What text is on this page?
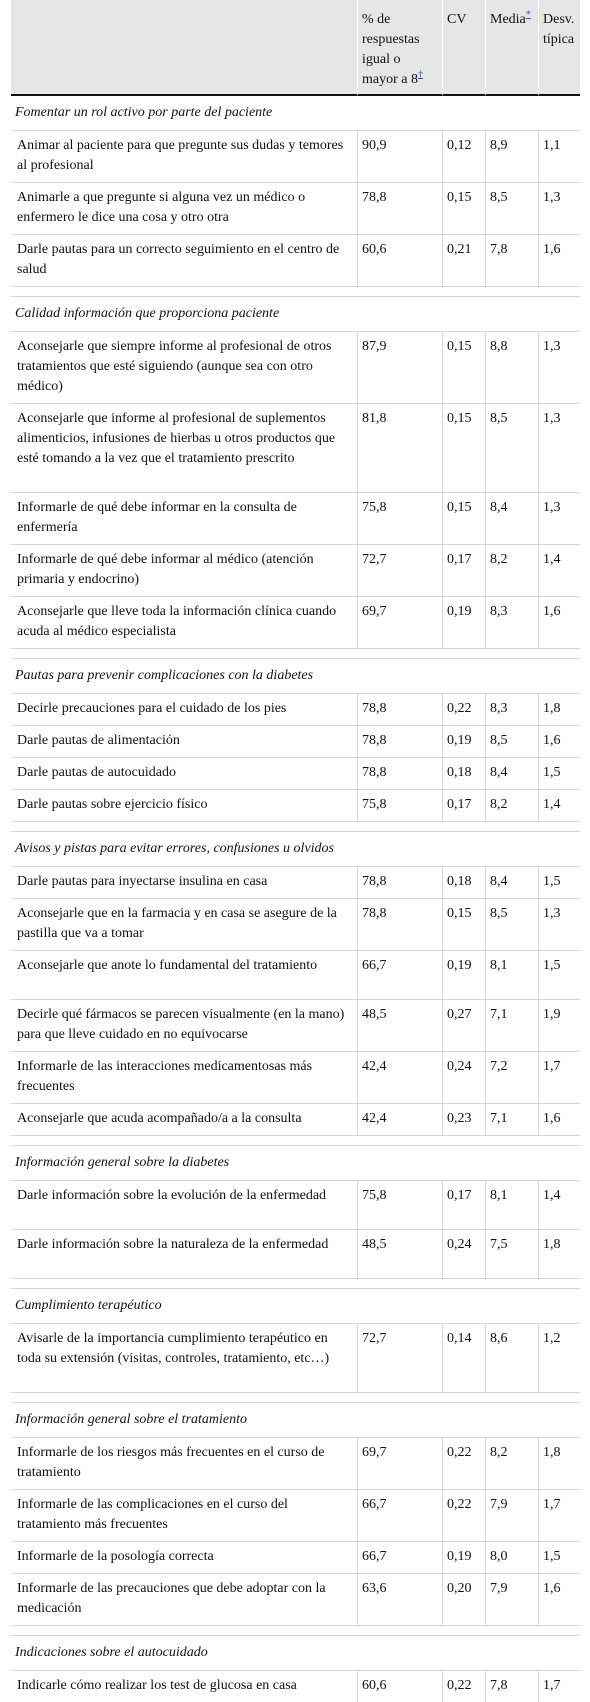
	% de respuestas igual o mayor a 8†	CV	Media*	Desv. típica
Fomentar un rol activo por parte del paciente				
Animar al paciente para que pregunte sus dudas y temores al profesional	90,9	0,12	8,9	1,1
Animarle a que pregunte si alguna vez un médico o enfermero le dice una cosa y otro otra	78,8	0,15	8,5	1,3
Darle pautas para un correcto seguimiento en el centro de salud	60,6	0,21	7,8	1,6

Calidad información que proporciona paciente				
Aconsejarle que siempre informe al profesional de otros tratamientos que esté siguiendo (aunque sea con otro médico)	87,9	0,15	8,8	1,3
Aconsejarle que informe al profesional de suplementos alimenticios, infusiones de hierbas u otros productos que esté tomando a la vez que el tratamiento prescrito	81,8	0,15	8,5	1,3
Informarle de qué debe informar en la consulta de enfermería	75,8	0,15	8,4	1,3
Informarle de qué debe informar al médico (atención primaria y endocrino)	72,7	0,17	8,2	1,4
Aconsejarle que lleve toda la información clínica cuando acuda al médico especialista	69,7	0,19	8,3	1,6

Pautas para prevenir complicaciones con la diabetes				
Decirle precauciones para el cuidado de los pies	78,8	0,22	8,3	1,8
Darle pautas de alimentación	78,8	0,19	8,5	1,6
Darle pautas de autocuidado	78,8	0,18	8,4	1,5
Darle pautas sobre ejercicio físico	75,8	0,17	8,2	1,4

Avisos y pistas para evitar errores, confusiones u olvidos				
Darle pautas para inyectarse insulina en casa	78,8	0,18	8,4	1,5
Aconsejarle que en la farmacia y en casa se asegure de la pastilla que va a tomar	78,8	0,15	8,5	1,3
Aconsejarle que anote lo fundamental del tratamiento	66,7	0,19	8,1	1,5
Decirle qué fármacos se parecen visualmente (en la mano) para que lleve cuidado en no equivocarse	48,5	0,27	7,1	1,9
Informarle de las interacciones medicamentosas más frecuentes	42,4	0,24	7,2	1,7
Aconsejarle que acuda acompañado/a a la consulta	42,4	0,23	7,1	1,6

Información general sobre la diabetes				
Darle información sobre la evolución de la enfermedad	75,8	0,17	8,1	1,4
Darle información sobre la naturaleza de la enfermedad	48,5	0,24	7,5	1,8

Cumplimiento terapéutico				
Avisarle de la importancia cumplimiento terapéutico en toda su extensión (visitas, controles, tratamiento, etc…)	72,7	0,14	8,6	1,2

Información general sobre el tratamiento				
Informarle de los riesgos más frecuentes en el curso de tratamiento	69,7	0,22	8,2	1,8
Informarle de las complicaciones en el curso del tratamiento más frecuentes	66,7	0,22	7,9	1,7
Informarle de la posología correcta	66,7	0,19	8,0	1,5
Informarle de las precauciones que debe adoptar con la medicación	63,6	0,20	7,9	1,6

Indicaciones sobre el autocuidado				
Indicarle cómo realizar los test de glucosa en casa	60,6	0,22	7,8	1,7
